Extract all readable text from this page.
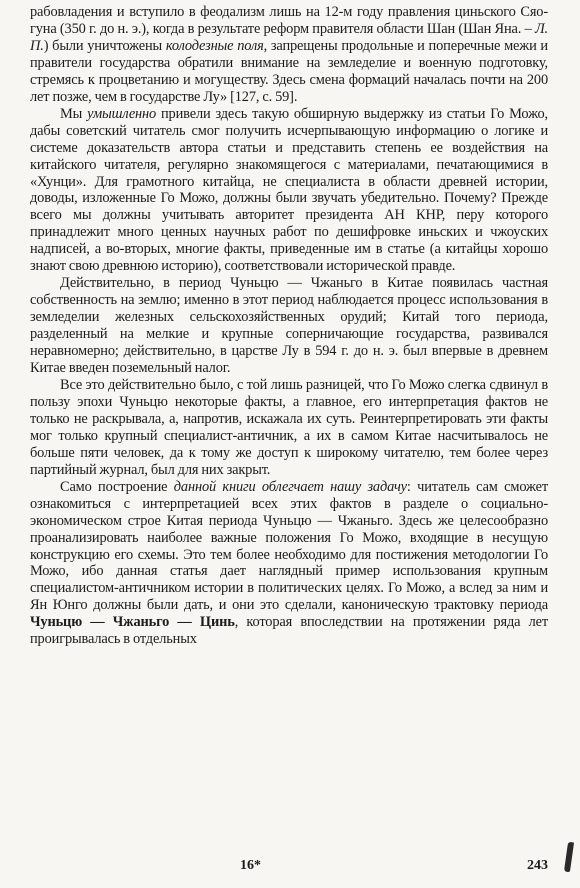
рабовладения и вступило в феодализм лишь на 12-м году правления циньского Сяо-гуна (350 г. до н. э.), когда в результате реформ правителя области Шан (Шан Яна. – Л. П.) были уничтожены колодезные поля, запрещены продольные и поперечные межи и правители государства обратили внимание на земледелие и военную подготовку, стремясь к процветанию и могуществу. Здесь смена формаций началась почти на 200 лет позже, чем в государстве Лу» [127, с. 59].

Мы умышленно привели здесь такую обширную выдержку из статьи Го Можо, дабы советский читатель смог получить исчерпывающую информацию о логике и системе доказательств автора статьи и представить степень ее воздействия на китайского читателя, регулярно знакомящегося с материалами, печатающимися в «Хунци». Для грамотного китайца, не специалиста в области древней истории, доводы, изложенные Го Можо, должны были звучать убедительно. Почему? Прежде всего мы должны учитывать авторитет президента АН КНР, перу которого принадлежит много ценных научных работ по дешифровке иньских и чжоуских надписей, а во-вторых, многие факты, приведенные им в статье (а китайцы хорошо знают свою древнюю историю), соответствовали исторической правде.

Действительно, в период Чуньцю — Чжаньго в Китае появилась частная собственность на землю; именно в этот период наблюдается процесс использования в земледелии железных сельскохозяйственных орудий; Китай того периода, разделенный на мелкие и крупные соперничающие государства, развивался неравномерно; действительно, в царстве Лу в 594 г. до н. э. был впервые в древнем Китае введен поземельный налог.

Все это действительно было, с той лишь разницей, что Го Можо слегка сдвинул в пользу эпохи Чуньцю некоторые факты, а главное, его интерпретация фактов не только не раскрывала, а, напротив, искажала их суть. Реинтерпретировать эти факты мог только крупный специалист-античник, а их в самом Китае насчитывалось не больше пяти человек, да к тому же доступ к широкому читателю, тем более через партийный журнал, был для них закрыт.

Само построение данной книги облегчает нашу задачу: читатель сам сможет ознакомиться с интерпретацией всех этих фактов в разделе о социально-экономическом строе Китая периода Чуньцю — Чжаньго. Здесь же целесообразно проанализировать наиболее важные положения Го Можо, входящие в несущую конструкцию его схемы. Это тем более необходимо для постижения методологии Го Можо, ибо данная статья дает наглядный пример использования крупным специалистом-античником истории в политических целях. Го Можо, а вслед за ним и Ян Юнго должны были дать, и они это сделали, каноническую трактовку периода Чуньцю — Чжаньго — Цинь, которая впоследствии на протяжении ряда лет проигрывалась в отдельных

16*	243
